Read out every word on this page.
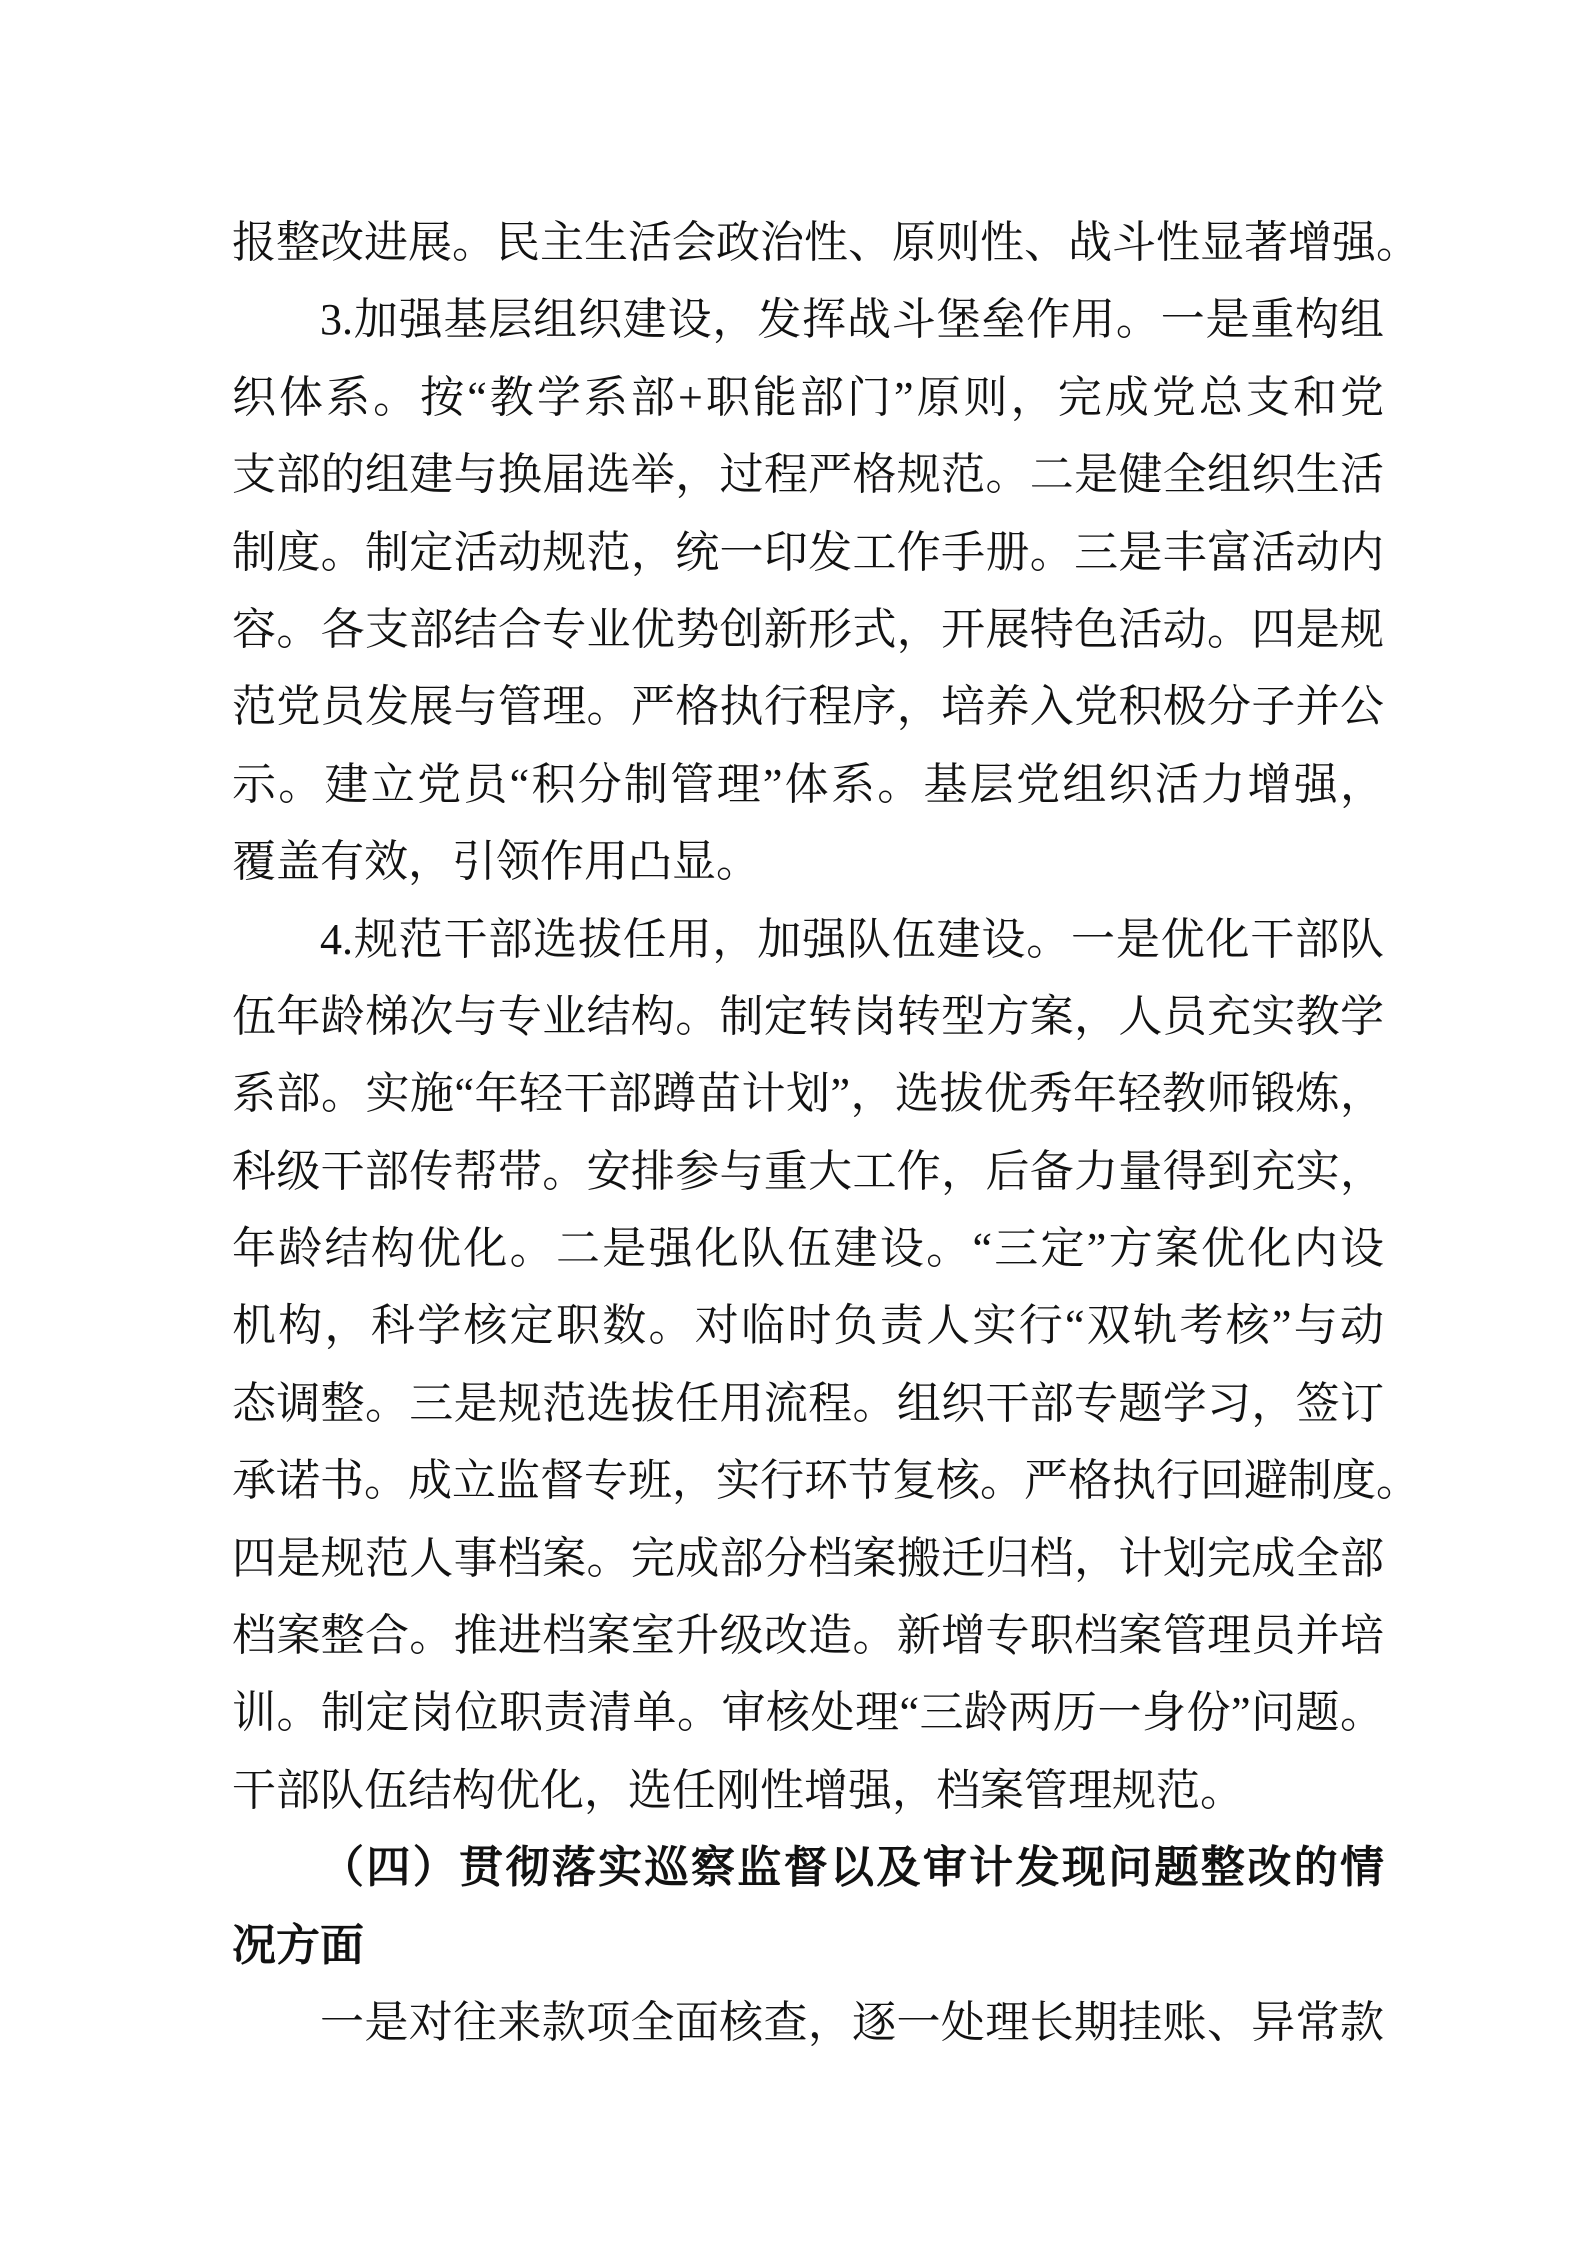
报整改进展。民主生活会政治性、原则性、战斗性显著增强。
3.加强基层组织建设，发挥战斗堡垒作用。一是重构组
织体系。按“教学系部+职能部门”原则，完成党总支和党
支部的组建与换届选举，过程严格规范。二是健全组织生活
制度。制定活动规范，统一印发工作手册。三是丰富活动内
容。各支部结合专业优势创新形式，开展特色活动。四是规
范党员发展与管理。严格执行程序，培养入党积极分子并公
示。建立党员“积分制管理”体系。基层党组织活力增强，
覆盖有效，引领作用凸显。
4.规范干部选拔任用，加强队伍建设。一是优化干部队
伍年龄梯次与专业结构。制定转岗转型方案，人员充实教学
系部。实施“年轻干部蹲苗计划”，选拔优秀年轻教师锻炼，
科级干部传帮带。安排参与重大工作，后备力量得到充实，
年龄结构优化。二是强化队伍建设。“三定”方案优化内设
机构，科学核定职数。对临时负责人实行“双轨考核”与动
态调整。三是规范选拔任用流程。组织干部专题学习，签订
承诺书。成立监督专班，实行环节复核。严格执行回避制度。
四是规范人事档案。完成部分档案搬迁归档，计划完成全部
档案整合。推进档案室升级改造。新增专职档案管理员并培
训。制定岗位职责清单。审核处理“三龄两历一身份”问题。
干部队伍结构优化，选任刚性增强，档案管理规范。
（四）贯彻落实巡察监督以及审计发现问题整改的情
况方面
一是对往来款项全面核查，逐一处理长期挂账、异常款
